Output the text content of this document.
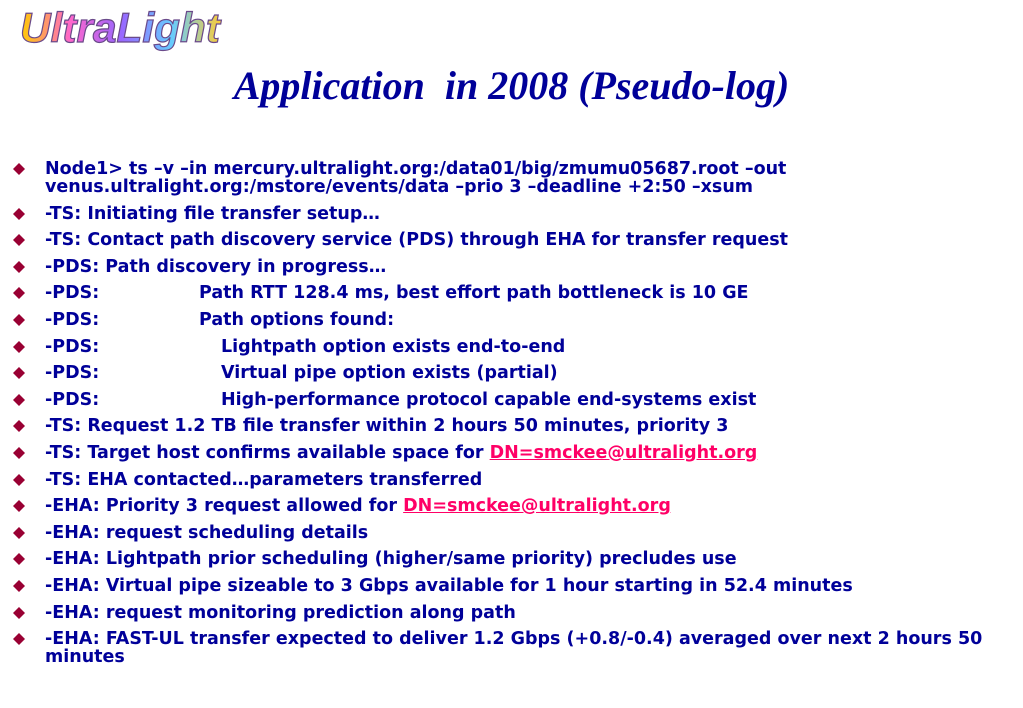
UltraLight
Application  in 2008 (Pseudo-log)
Node1> ts –v –in mercury.ultralight.org:/data01/big/zmumu05687.root –out venus.ultralight.org:/mstore/events/data –prio 3 –deadline +2:50 –xsum
-TS: Initiating file transfer setup…
-TS: Contact path discovery service (PDS) through EHA for transfer request
-PDS: Path discovery in progress…
-PDS:	Path RTT 128.4 ms, best effort path bottleneck is 10 GE
-PDS:	Path options found:
-PDS:	Lightpath option exists end-to-end
-PDS:	Virtual pipe option exists (partial)
-PDS:	High-performance protocol capable end-systems exist
-TS: Request 1.2 TB file transfer within 2 hours 50 minutes, priority 3
-TS: Target host confirms available space for DN=smckee@ultralight.org
-TS: EHA contacted…parameters transferred
-EHA: Priority 3 request allowed for DN=smckee@ultralight.org
-EHA: request scheduling details
-EHA: Lightpath prior scheduling (higher/same priority) precludes use
-EHA: Virtual pipe sizeable to 3 Gbps available for 1 hour starting in 52.4 minutes
-EHA: request monitoring prediction along path
-EHA: FAST-UL transfer expected to deliver 1.2 Gbps (+0.8/-0.4) averaged over next 2 hours 50 minutes
